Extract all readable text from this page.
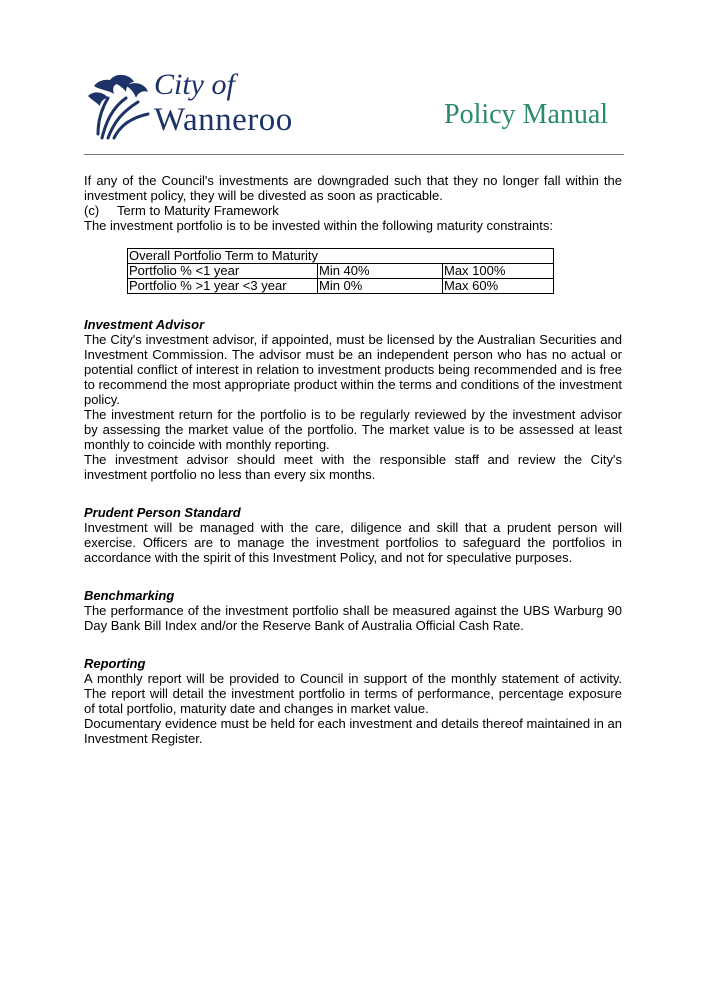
City of
Wanneroo	Policy Manual

If any of the Council's investments are downgraded such that they no longer fall within the investment policy, they will be divested as soon as practicable.

(c) Term to Maturity Framework

The investment portfolio is to be invested within the following maturity constraints:

Overall Portfolio Term to Maturity		
Portfolio % <1 year	Min 40%	Max 100%
Portfolio % >1 year <3 year	Min 0%	Max 60%
Investment Advisor

The City's investment advisor, if appointed, must be licensed by the Australian Securities and Investment Commission. The advisor must be an independent person who has no actual or potential conflict of interest in relation to investment products being recommended and is free to recommend the most appropriate product within the terms and conditions of the investment policy.

The investment return for the portfolio is to be regularly reviewed by the investment advisor by assessing the market value of the portfolio. The market value is to be assessed at least monthly to coincide with monthly reporting.

The investment advisor should meet with the responsible staff and review the City's investment portfolio no less than every six months.

Prudent Person Standard

Investment will be managed with the care, diligence and skill that a prudent person will exercise. Officers are to manage the investment portfolios to safeguard the portfolios in accordance with the spirit of this Investment Policy, and not for speculative purposes.

Benchmarking

The performance of the investment portfolio shall be measured against the UBS Warburg 90 Day Bank Bill Index and/or the Reserve Bank of Australia Official Cash Rate.

Reporting

A monthly report will be provided to Council in support of the monthly statement of activity. The report will detail the investment portfolio in terms of performance, percentage exposure of total portfolio, maturity date and changes in market value.

Documentary evidence must be held for each investment and details thereof maintained in an Investment Register.
